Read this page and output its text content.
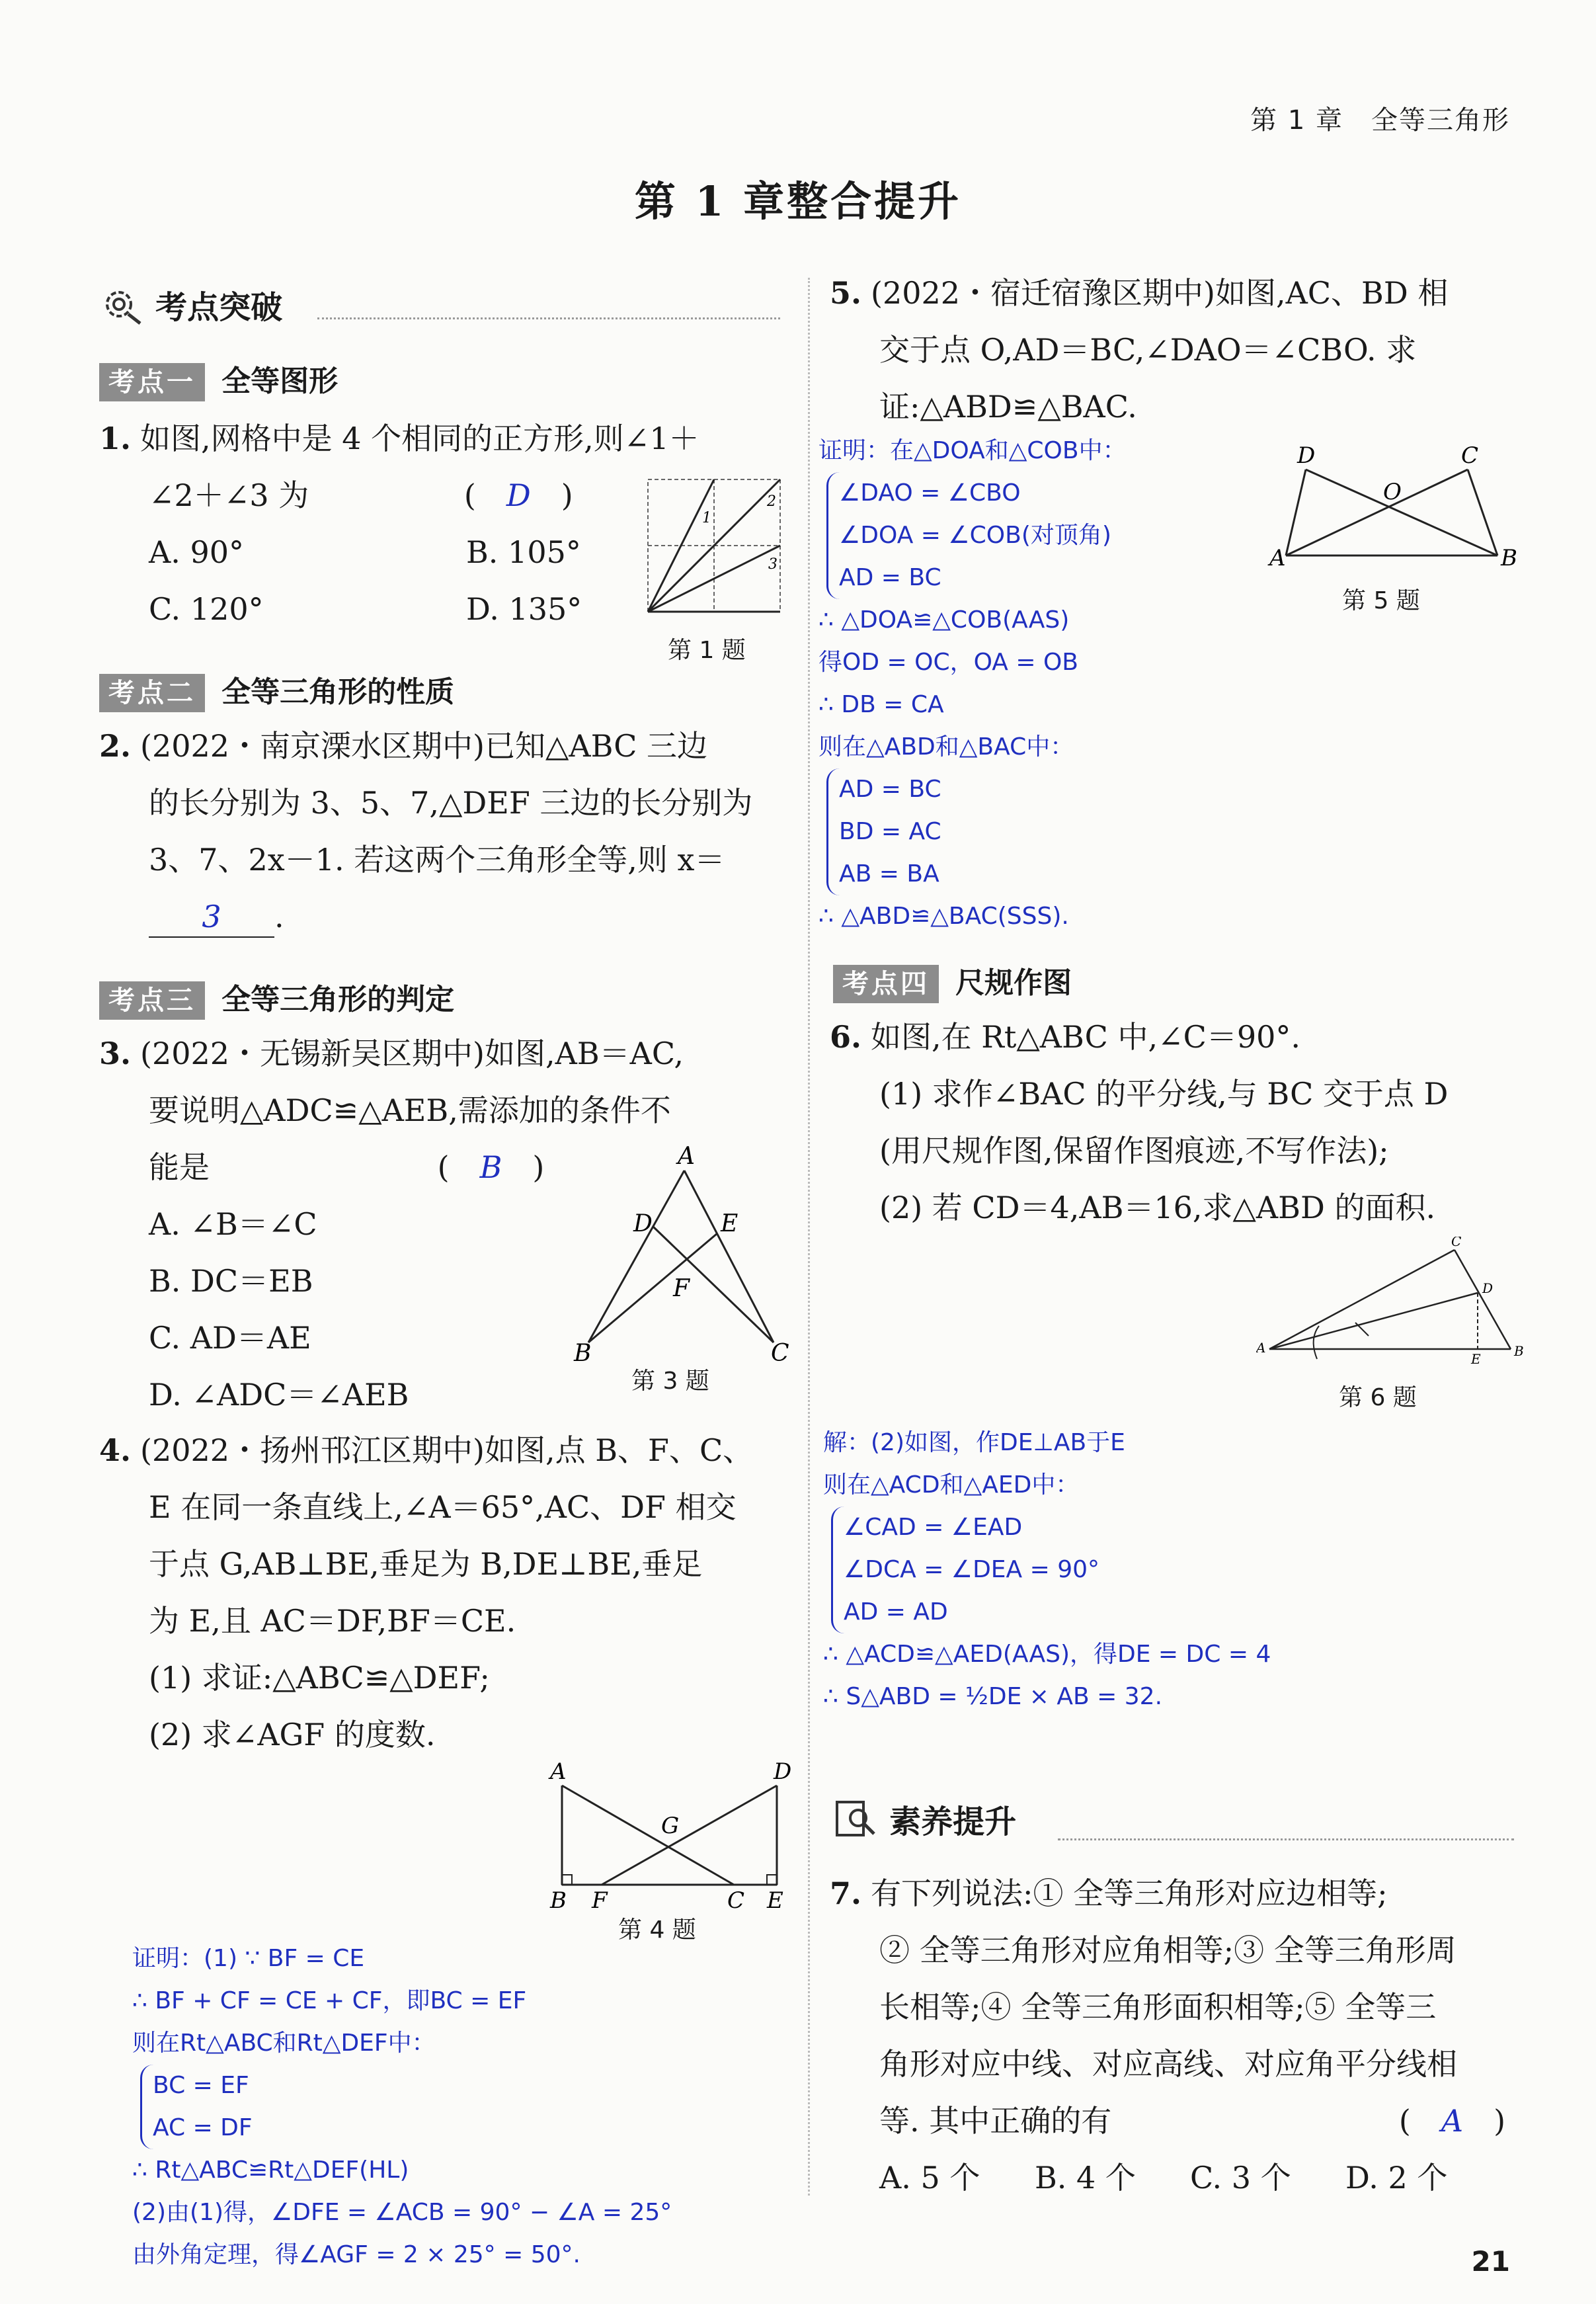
第 1 章　全等三角形
第 1 章整合提升
考点突破
考点一 全等图形
1. 如图,网格中是 4 个相同的正方形,则∠1＋
∠2＋∠3 为	(　D　)
A. 90°	B. 105°
C. 120°	D. 135°
1
2
3
第 1 题
考点二 全等三角形的性质
2. (2022・南京溧水区期中)已知△ABC 三边
的长分别为 3、5、7,△DEF 三边的长分别为
3、7、2x－1. 若这两个三角形全等,则 x＝
3 .
考点三 全等三角形的判定
3. (2022・无锡新吴区期中)如图,AB＝AC,
要说明△ADC≌△AEB,需添加的条件不
能是	(　B　)
A. ∠B＝∠C
B. DC＝EB
C. AD＝AE
D. ∠ADC＝∠AEB
A
D	E
F
B	C
第 3 题
4. (2022・扬州邗江区期中)如图,点 B、F、C、
E 在同一条直线上,∠A＝65°,AC、DF 相交
于点 G,AB⊥BE,垂足为 B,DE⊥BE,垂足
为 E,且 AC＝DF,BF＝CE.
(1) 求证:△ABC≌△DEF;
(2) 求∠AGF 的度数.
A	D
G
B F	C E
第 4 题
证明：(1) ∵ BF = CE
∴ BF + CF = CE + CF，即BC = EF
则在Rt△ABC和Rt△DEF中：
BC = EF
AC = DF
∴ Rt△ABC≌Rt△DEF(HL)
(2)由(1)得，∠DFE = ∠ACB = 90° − ∠A = 25°
由外角定理，得∠AGF = 2 × 25° = 50°.
5. (2022・宿迁宿豫区期中)如图,AC、BD 相
交于点 O,AD＝BC,∠DAO＝∠CBO. 求
证:△ABD≌△BAC.
D	C
O
A	B
第 5 题
证明：在△DOA和△COB中：
∠DAO = ∠CBO
∠DOA = ∠COB(对顶角)
AD = BC
∴ △DOA≌△COB(AAS)
得OD = OC，OA = OB
∴ DB = CA
则在△ABD和△BAC中：
AD = BC
BD = AC
AB = BA
∴ △ABD≌△BAC(SSS).
考点四 尺规作图
6. 如图,在 Rt△ABC 中,∠C＝90°.
(1) 求作∠BAC 的平分线,与 BC 交于点 D
(用尺规作图,保留作图痕迹,不写作法);
(2) 若 CD＝4,AB＝16,求△ABD 的面积.
C
D
A
E	B
第 6 题
解：(2)如图，作DE⊥AB于E
则在△ACD和△AED中：
∠CAD = ∠EAD
∠DCA = ∠DEA = 90°
AD = AD
∴ △ACD≌△AED(AAS)，得DE = DC = 4
∴ S△ABD = ½DE × AB = 32.
素养提升
7. 有下列说法:① 全等三角形对应边相等;
② 全等三角形对应角相等;③ 全等三角形周
长相等;④ 全等三角形面积相等;⑤ 全等三
角形对应中线、对应高线、对应角平分线相
等. 其中正确的有	(　A　)
A. 5 个 B. 4 个 C. 3 个 D. 2 个
21
